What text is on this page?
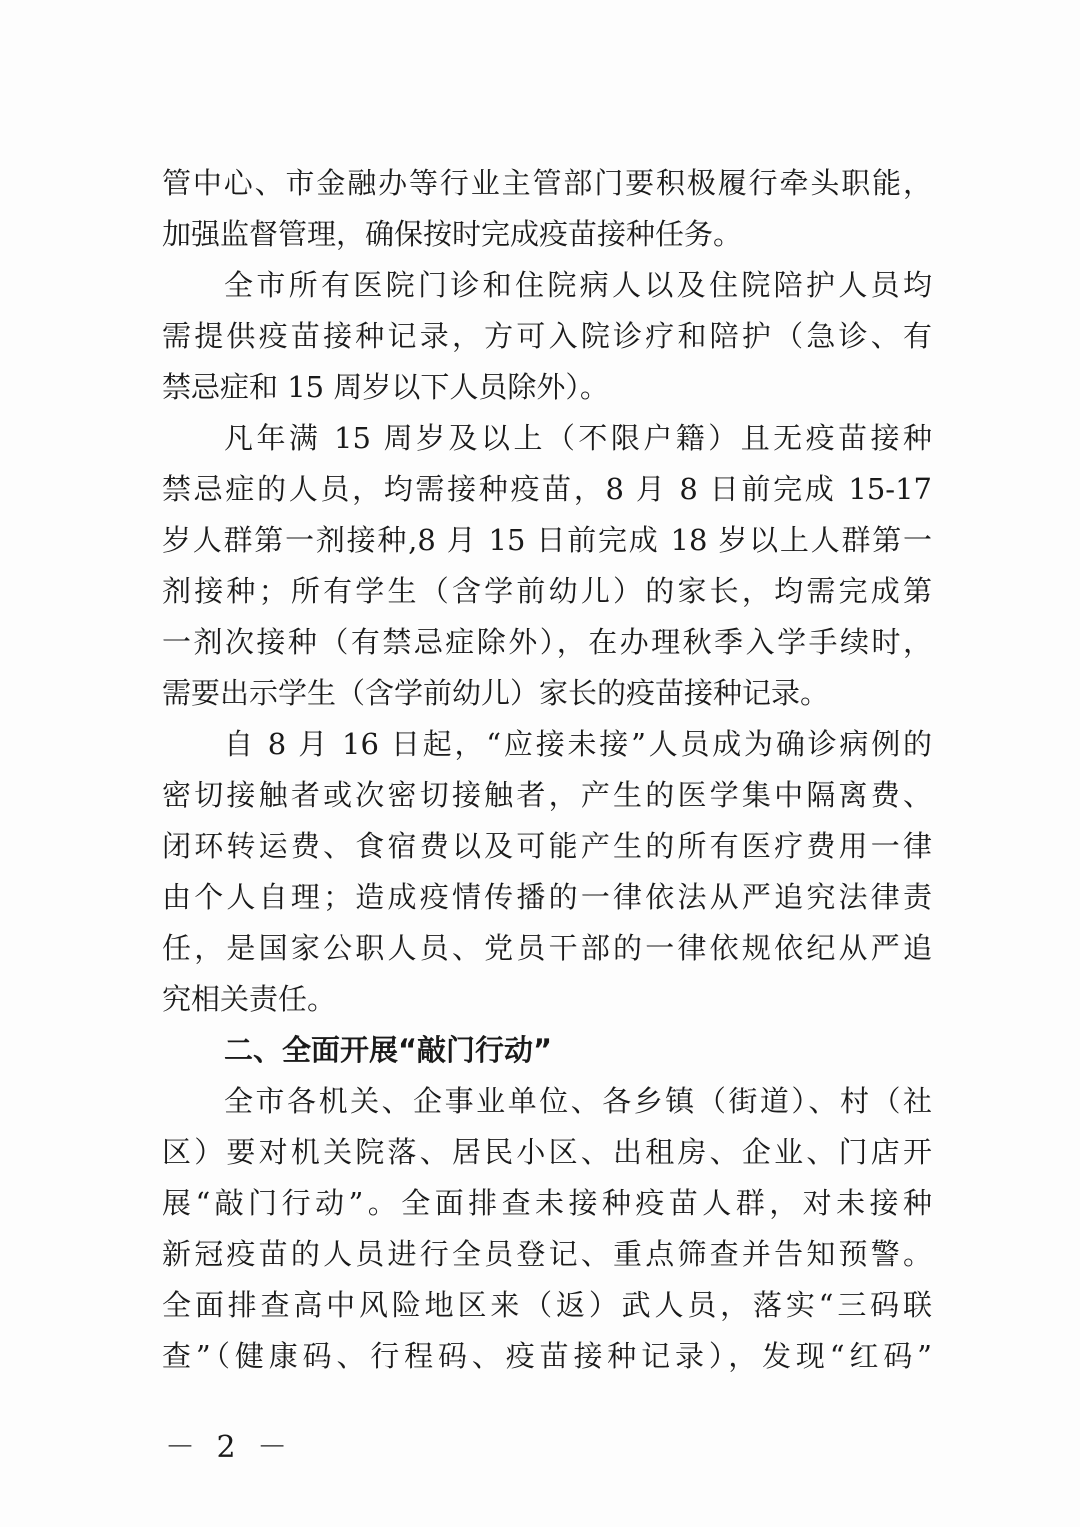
管中心、市金融办等行业主管部门要积极履行牵头职能，
加强监督管理，确保按时完成疫苗接种任务。
全市所有医院门诊和住院病人以及住院陪护人员均
需提供疫苗接种记录，方可入院诊疗和陪护（急诊、有
禁忌症和 15 周岁以下人员除外）。
凡年满 15 周岁及以上（不限户籍）且无疫苗接种
禁忌症的人员，均需接种疫苗，8 月 8 日前完成 15-17
岁人群第一剂接种,8 月 15 日前完成 18 岁以上人群第一
剂接种；所有学生（含学前幼儿）的家长，均需完成第
一剂次接种（有禁忌症除外），在办理秋季入学手续时，
需要出示学生（含学前幼儿）家长的疫苗接种记录。
自 8 月 16 日起，“应接未接”人员成为确诊病例的
密切接触者或次密切接触者，产生的医学集中隔离费、
闭环转运费、食宿费以及可能产生的所有医疗费用一律
由个人自理；造成疫情传播的一律依法从严追究法律责
任，是国家公职人员、党员干部的一律依规依纪从严追
究相关责任。
二、全面开展“敲门行动”
全市各机关、企事业单位、各乡镇（街道）、村（社
区）要对机关院落、居民小区、出租房、企业、门店开
展“敲门行动”。全面排查未接种疫苗人群，对未接种
新冠疫苗的人员进行全员登记、重点筛查并告知预警。
全面排查高中风险地区来（返）武人员，落实“三码联
查”（健康码、行程码、疫苗接种记录），发现“红码”
－ 2 －
